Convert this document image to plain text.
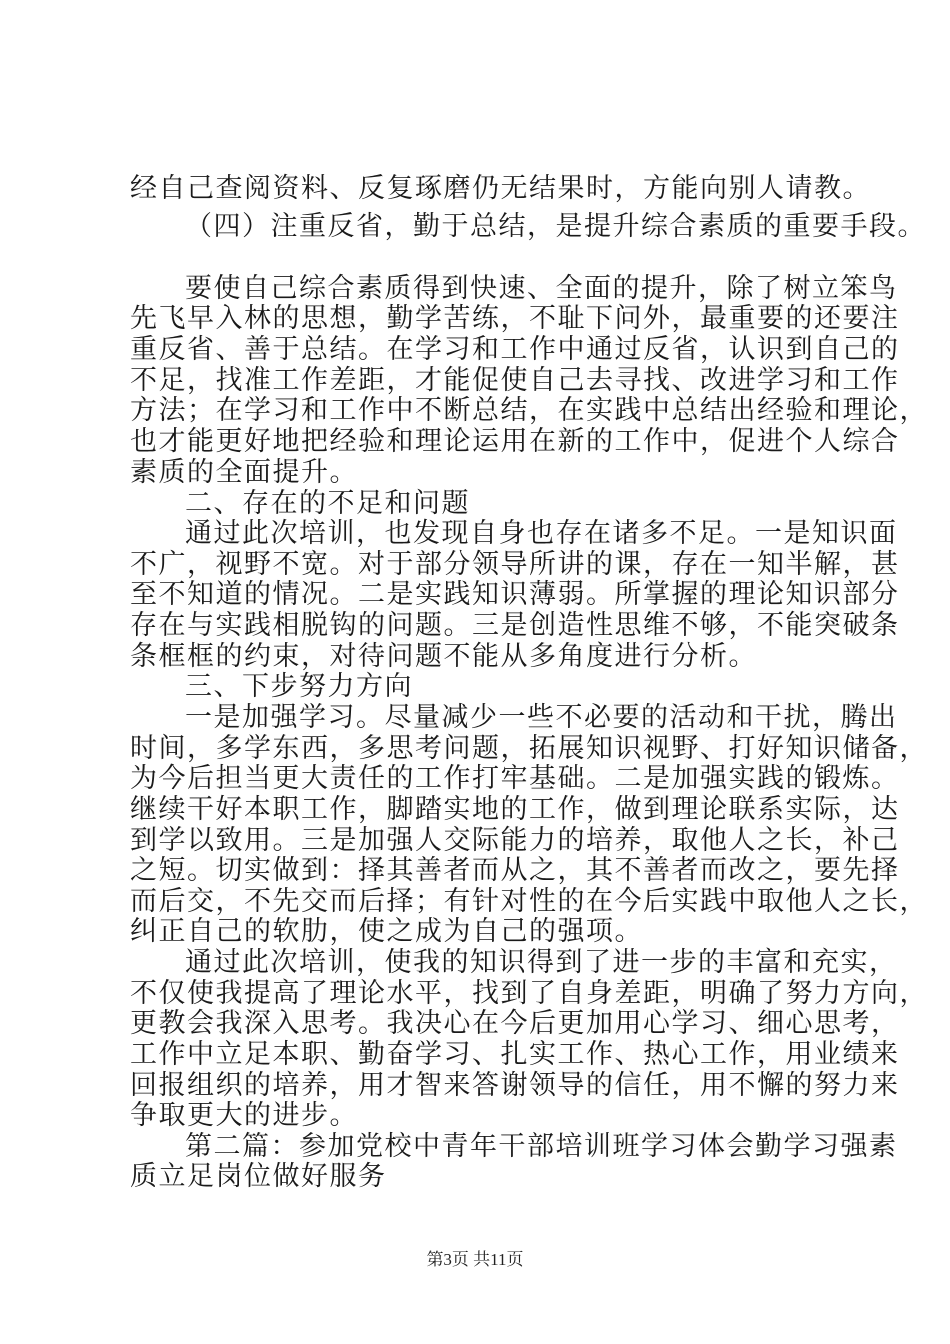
经自己查阅资料、反复琢磨仍无结果时，方能向别人请教。
（四）注重反省，勤于总结，是提升综合素质的重要手段。
要使自己综合素质得到快速、全面的提升，除了树立笨鸟
先飞早入林的思想，勤学苦练，不耻下问外，最重要的还要注
重反省、善于总结。在学习和工作中通过反省，认识到自己的
不足，找准工作差距，才能促使自己去寻找、改进学习和工作
方法；在学习和工作中不断总结，在实践中总结出经验和理论，
也才能更好地把经验和理论运用在新的工作中，促进个人综合
素质的全面提升。
二、存在的不足和问题
通过此次培训，也发现自身也存在诸多不足。一是知识面
不广，视野不宽。对于部分领导所讲的课，存在一知半解，甚
至不知道的情况。二是实践知识薄弱。所掌握的理论知识部分
存在与实践相脱钩的问题。三是创造性思维不够，不能突破条
条框框的约束，对待问题不能从多角度进行分析。
三、下步努力方向
一是加强学习。尽量减少一些不必要的活动和干扰，腾出
时间，多学东西，多思考问题，拓展知识视野、打好知识储备，
为今后担当更大责任的工作打牢基础。二是加强实践的锻炼。
继续干好本职工作，脚踏实地的工作，做到理论联系实际，达
到学以致用。三是加强人交际能力的培养，取他人之长，补己
之短。切实做到：择其善者而从之，其不善者而改之，要先择
而后交，不先交而后择；有针对性的在今后实践中取他人之长，
纠正自己的软肋，使之成为自己的强项。
通过此次培训，使我的知识得到了进一步的丰富和充实，
不仅使我提高了理论水平，找到了自身差距，明确了努力方向，
更教会我深入思考。我决心在今后更加用心学习、细心思考，
工作中立足本职、勤奋学习、扎实工作、热心工作，用业绩来
回报组织的培养，用才智来答谢领导的信任，用不懈的努力来
争取更大的进步。
第二篇：参加党校中青年干部培训班学习体会勤学习强素
质立足岗位做好服务
第3页 共11页
